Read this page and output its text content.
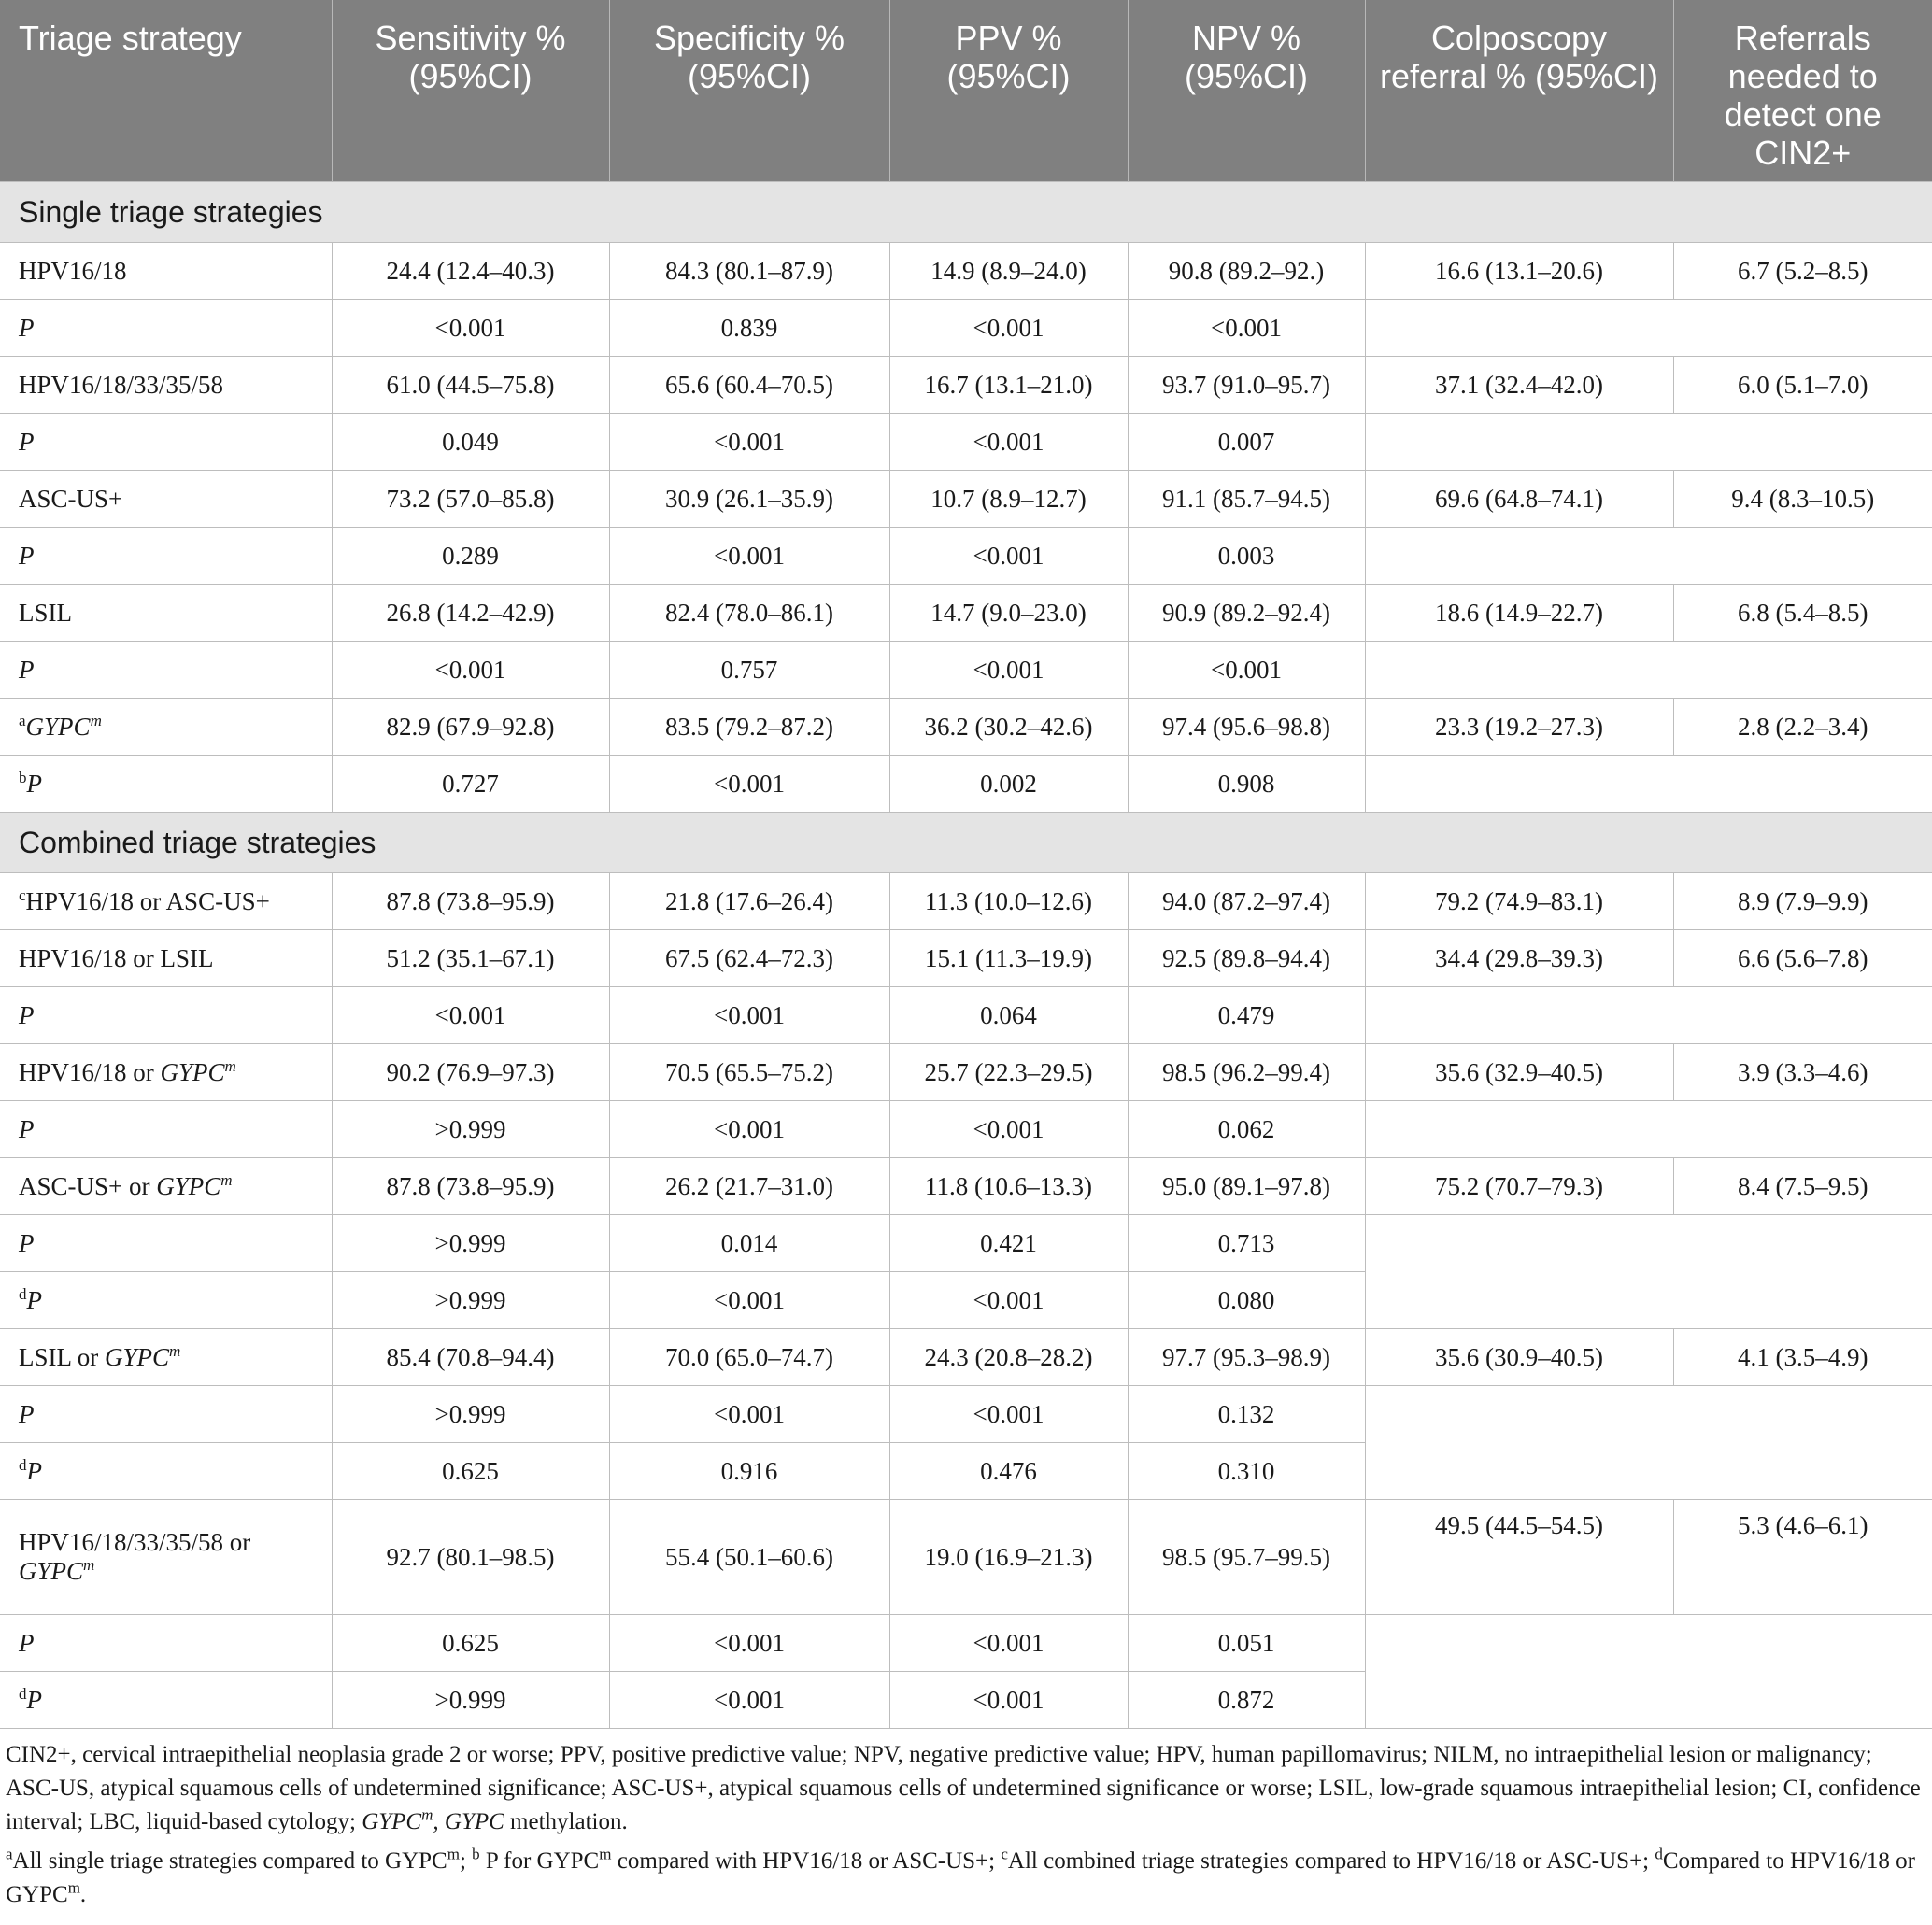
Triage strategy	Sensitivity % (95%CI)	Specificity % (95%CI)	PPV % (95%CI)	NPV % (95%CI)	Colposcopy referral % (95%CI)	Referrals needed to detect one CIN2+
Single triage strategies						
HPV16/18	24.4 (12.4–40.3)	84.3 (80.1–87.9)	14.9 (8.9–24.0)	90.8 (89.2–92.)	16.6 (13.1–20.6)	6.7 (5.2–8.5)
P	<0.001	0.839	<0.001	<0.001		
HPV16/18/33/35/58	61.0 (44.5–75.8)	65.6 (60.4–70.5)	16.7 (13.1–21.0)	93.7 (91.0–95.7)	37.1 (32.4–42.0)	6.0 (5.1–7.0)
P	0.049	<0.001	<0.001	0.007		
ASC-US+	73.2 (57.0–85.8)	30.9 (26.1–35.9)	10.7 (8.9–12.7)	91.1 (85.7–94.5)	69.6 (64.8–74.1)	9.4 (8.3–10.5)
P	0.289	<0.001	<0.001	0.003		
LSIL	26.8 (14.2–42.9)	82.4 (78.0–86.1)	14.7 (9.0–23.0)	90.9 (89.2–92.4)	18.6 (14.9–22.7)	6.8 (5.4–8.5)
P	<0.001	0.757	<0.001	<0.001		
$^a$GYPC$^m$	82.9 (67.9–92.8)	83.5 (79.2–87.2)	36.2 (30.2–42.6)	97.4 (95.6–98.8)	23.3 (19.2–27.3)	2.8 (2.2–3.4)
$^b$P	0.727	<0.001	0.002	0.908		
Combined triage strategies						
$^c$HPV16/18 or ASC-US+	87.8 (73.8–95.9)	21.8 (17.6–26.4)	11.3 (10.0–12.6)	94.0 (87.2–97.4)	79.2 (74.9–83.1)	8.9 (7.9–9.9)
HPV16/18 or LSIL	51.2 (35.1–67.1)	67.5 (62.4–72.3)	15.1 (11.3–19.9)	92.5 (89.8–94.4)	34.4 (29.8–39.3)	6.6 (5.6–7.8)
P	<0.001	<0.001	0.064	0.479		
HPV16/18 or GYPC$^m$	90.2 (76.9–97.3)	70.5 (65.5–75.2)	25.7 (22.3–29.5)	98.5 (96.2–99.4)	35.6 (32.9–40.5)	3.9 (3.3–4.6)
P	>0.999	<0.001	<0.001	0.062		
ASC-US+ or GYPC$^m$	87.8 (73.8–95.9)	26.2 (21.7–31.0)	11.8 (10.6–13.3)	95.0 (89.1–97.8)	75.2 (70.7–79.3)	8.4 (7.5–9.5)
P	>0.999	0.014	0.421	0.713		
$^d$P	>0.999	<0.001	<0.001	0.080		
LSIL or GYPC$^m$	85.4 (70.8–94.4)	70.0 (65.0–74.7)	24.3 (20.8–28.2)	97.7 (95.3–98.9)	35.6 (30.9–40.5)	4.1 (3.5–4.9)
P	>0.999	<0.001	<0.001	0.132		
$^d$P	0.625	0.916	0.476	0.310		
HPV16/18/33/35/58 or
GYPC$^m$	92.7 (80.1–98.5)	55.4 (50.1–60.6)	19.0 (16.9–21.3)	98.5 (95.7–99.5)	49.5 (44.5–54.5)	5.3 (4.6–6.1)
P	0.625	<0.001	<0.001	0.051		
$^d$P	>0.999	<0.001	<0.001	0.872		

CIN2+, cervical intraepithelial neoplasia grade 2 or worse; PPV, positive predictive value; NPV, negative predictive value; HPV, human papillomavirus; NILM, no intraepithelial lesion or malignancy; ASC-US, atypical squamous cells of undetermined significance; ASC-US+, atypical squamous cells of undetermined significance or worse; LSIL, low-grade squamous intraepithelial lesion; CI, confidence interval; LBC, liquid-based cytology; GYPC$^m$, GYPC methylation.

$^a$All single triage strategies compared to GYPC$^m$; $^b$ P for GYPC$^m$ compared with HPV16/18 or ASC-US+; $^c$All combined triage strategies compared to HPV16/18 or ASC-US+; $^d$Compared to HPV16/18 or GYPC$^m$.
